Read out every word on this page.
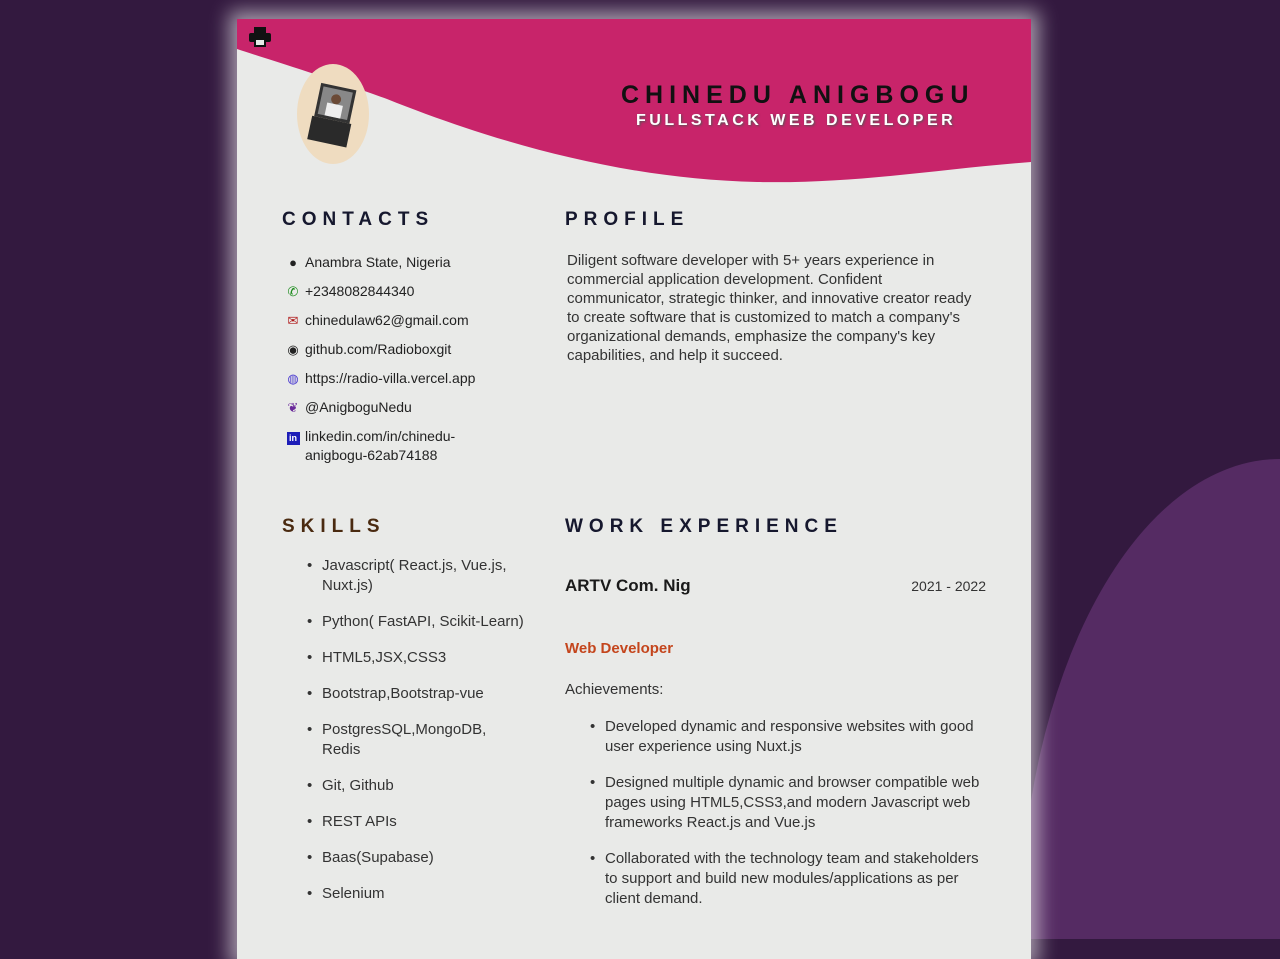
CHINEDU ANIGBOGU
FULLSTACK WEB DEVELOPER
CONTACTS
● Anambra State, Nigeria
✆ +2348082844340
✉ chinedulaw62@gmail.com
◉ github.com/Radioboxgit
◍ https://radio-villa.vercel.app
❦ @AnigboguNedu
in linkedin.com/in/chinedu-anigbogu-62ab74188
PROFILE

Diligent software developer with 5+ years experience in commercial application development. Confident communicator, strategic thinker, and innovative creator ready to create software that is customized to match a company's organizational demands, emphasize the company's key capabilities, and help it succeed.

SKILLS
• Javascript( React.js, Vue.js, Nuxt.js)
• Python( FastAPI, Scikit-Learn)
• HTML5,JSX,CSS3
• Bootstrap,Bootstrap-vue
• PostgresSQL,MongoDB, Redis
• Git, Github
• REST APIs
• Baas(Supabase)
• Selenium
WORK EXPERIENCE
ARTV Com. Nig	2021 - 2022
Web Developer
Achievements:
• Developed dynamic and responsive websites with good user experience using Nuxt.js
• Designed multiple dynamic and browser compatible web pages using HTML5,CSS3,and modern Javascript web frameworks React.js and Vue.js
• Collaborated with the technology team and stakeholders to support and build new modules/applications as per client demand.
